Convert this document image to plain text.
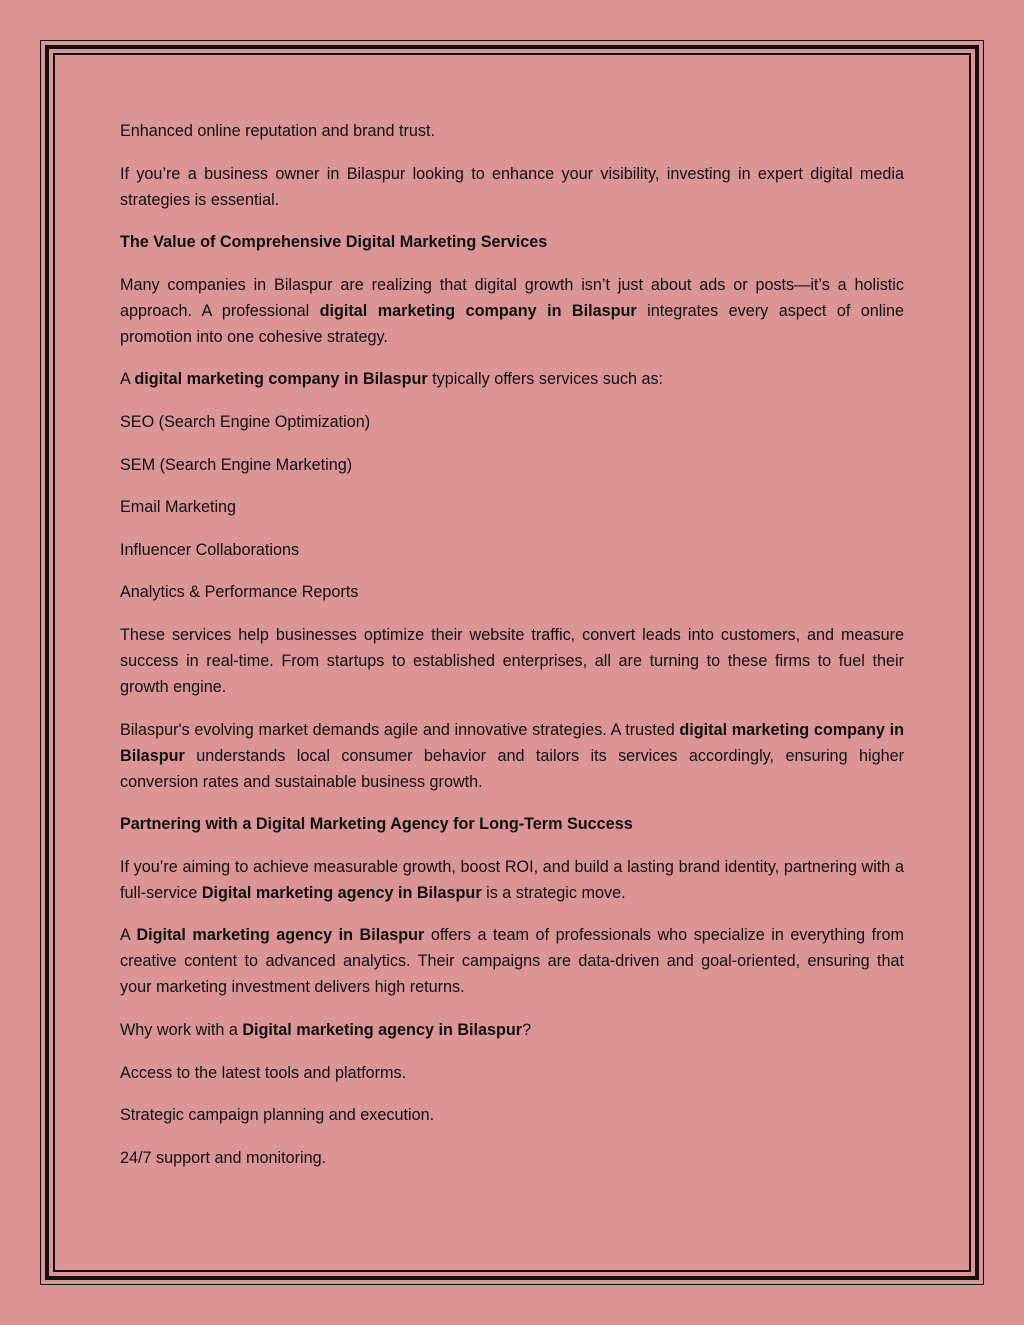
Enhanced online reputation and brand trust.

If you’re a business owner in Bilaspur looking to enhance your visibility, investing in expert digital media strategies is essential.

The Value of Comprehensive Digital Marketing Services

Many companies in Bilaspur are realizing that digital growth isn’t just about ads or posts—it’s a holistic approach. A professional digital marketing company in Bilaspur integrates every aspect of online promotion into one cohesive strategy.

A digital marketing company in Bilaspur typically offers services such as:

SEO (Search Engine Optimization)

SEM (Search Engine Marketing)

Email Marketing

Influencer Collaborations

Analytics & Performance Reports

These services help businesses optimize their website traffic, convert leads into customers, and measure success in real-time. From startups to established enterprises, all are turning to these firms to fuel their growth engine.

Bilaspur's evolving market demands agile and innovative strategies. A trusted digital marketing company in Bilaspur understands local consumer behavior and tailors its services accordingly, ensuring higher conversion rates and sustainable business growth.

Partnering with a Digital Marketing Agency for Long-Term Success

If you’re aiming to achieve measurable growth, boost ROI, and build a lasting brand identity, partnering with a full-service Digital marketing agency in Bilaspur is a strategic move.

A Digital marketing agency in Bilaspur offers a team of professionals who specialize in everything from creative content to advanced analytics. Their campaigns are data-driven and goal-oriented, ensuring that your marketing investment delivers high returns.

Why work with a Digital marketing agency in Bilaspur?

Access to the latest tools and platforms.

Strategic campaign planning and execution.

24/7 support and monitoring.
